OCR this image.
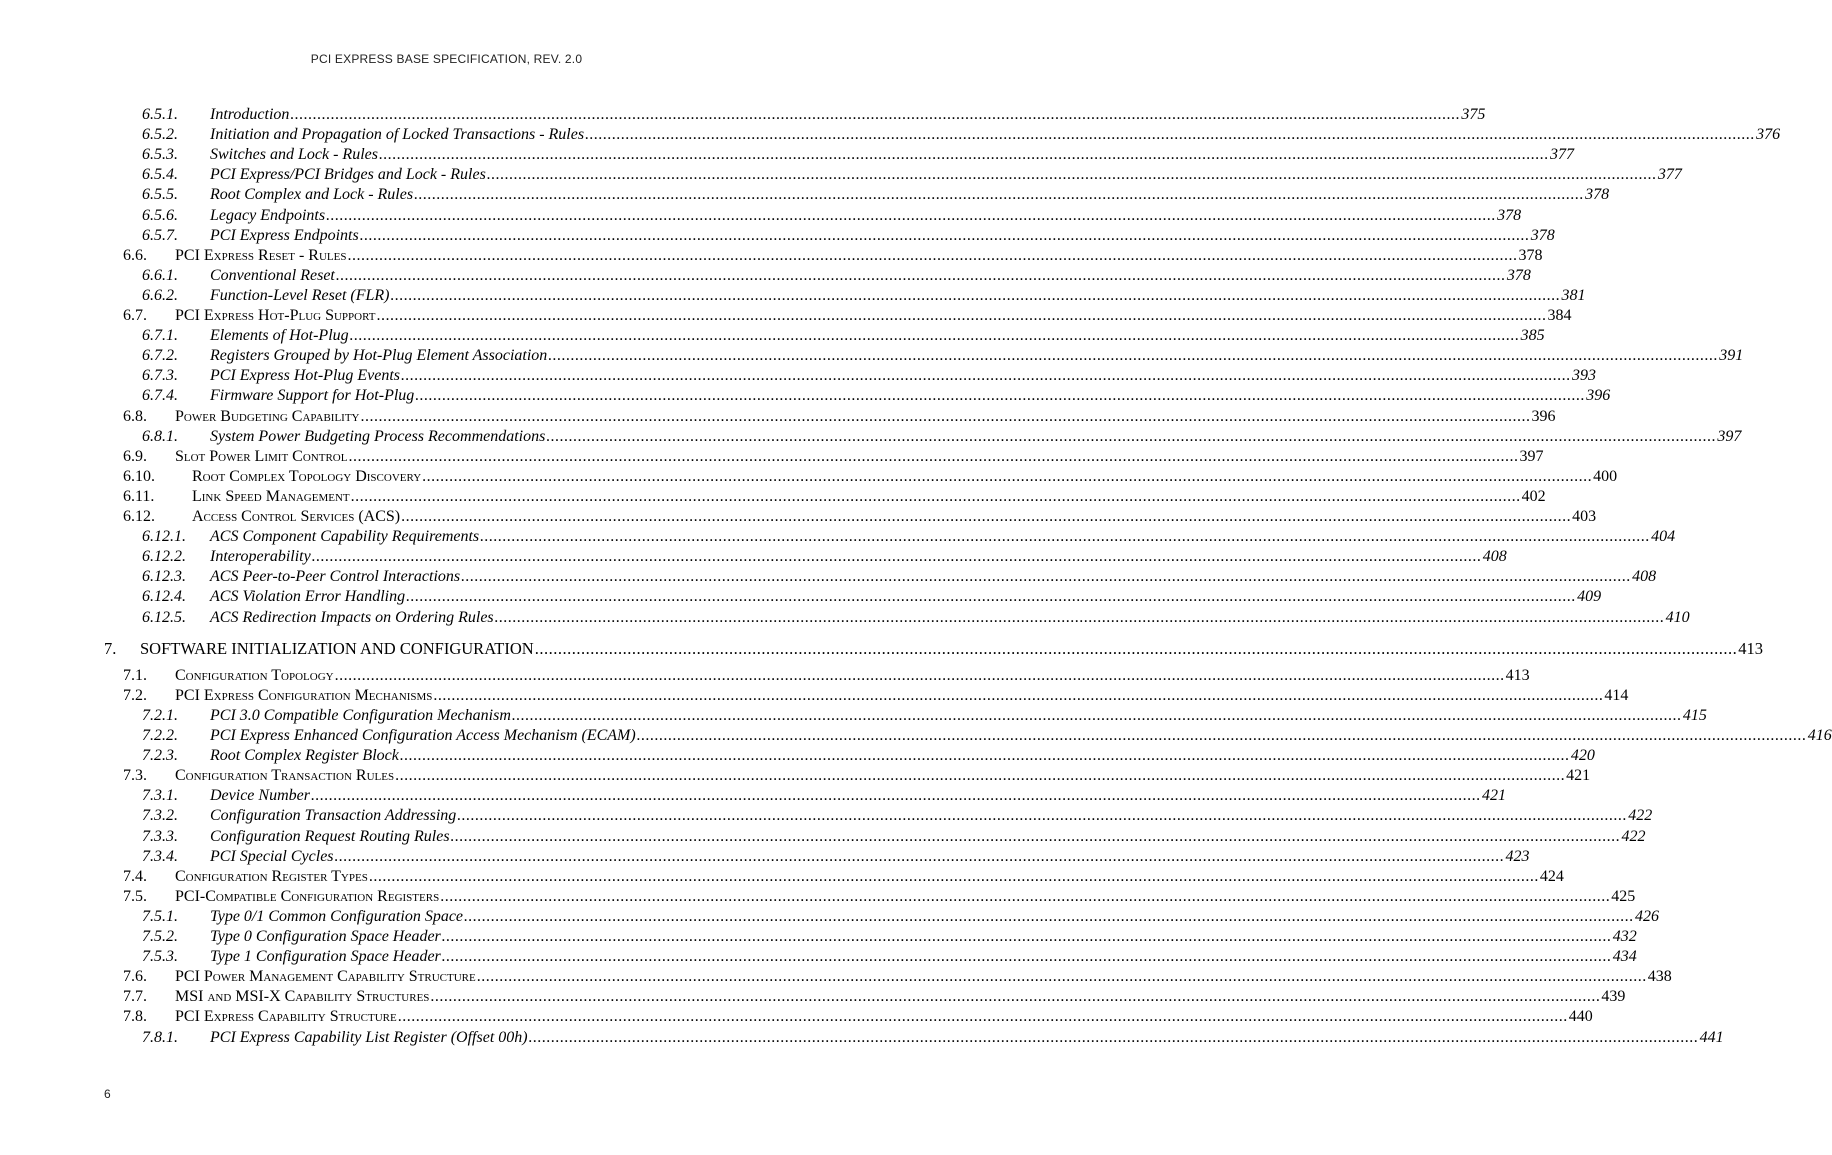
PCI EXPRESS BASE SPECIFICATION, REV. 2.0
6.5.1. Introduction .................................................................................................................................................................................................................................................................... 375
6.5.2. Initiation and Propagation of Locked Transactions - Rules .................................................................................................................................................................................................................................................................... 376
6.5.3. Switches and Lock - Rules .................................................................................................................................................................................................................................................................... 377
6.5.4. PCI Express/PCI Bridges and Lock - Rules .................................................................................................................................................................................................................................................................... 377
6.5.5. Root Complex and Lock - Rules .................................................................................................................................................................................................................................................................... 378
6.5.6. Legacy Endpoints .................................................................................................................................................................................................................................................................... 378
6.5.7. PCI Express Endpoints .................................................................................................................................................................................................................................................................... 378
6.6. PCI Express Reset - Rules .................................................................................................................................................................................................................................................................... 378
6.6.1. Conventional Reset .................................................................................................................................................................................................................................................................... 378
6.6.2. Function-Level Reset (FLR) .................................................................................................................................................................................................................................................................... 381
6.7. PCI Express Hot-Plug Support .................................................................................................................................................................................................................................................................... 384
6.7.1. Elements of Hot-Plug .................................................................................................................................................................................................................................................................... 385
6.7.2. Registers Grouped by Hot-Plug Element Association .................................................................................................................................................................................................................................................................... 391
6.7.3. PCI Express Hot-Plug Events .................................................................................................................................................................................................................................................................... 393
6.7.4. Firmware Support for Hot-Plug .................................................................................................................................................................................................................................................................... 396
6.8. Power Budgeting Capability .................................................................................................................................................................................................................................................................... 396
6.8.1. System Power Budgeting Process Recommendations .................................................................................................................................................................................................................................................................... 397
6.9. Slot Power Limit Control .................................................................................................................................................................................................................................................................... 397
6.10. Root Complex Topology Discovery .................................................................................................................................................................................................................................................................... 400
6.11. Link Speed Management .................................................................................................................................................................................................................................................................... 402
6.12. Access Control Services (ACS) .................................................................................................................................................................................................................................................................... 403
6.12.1. ACS Component Capability Requirements .................................................................................................................................................................................................................................................................... 404
6.12.2. Interoperability .................................................................................................................................................................................................................................................................... 408
6.12.3. ACS Peer-to-Peer Control Interactions .................................................................................................................................................................................................................................................................... 408
6.12.4. ACS Violation Error Handling .................................................................................................................................................................................................................................................................... 409
6.12.5. ACS Redirection Impacts on Ordering Rules .................................................................................................................................................................................................................................................................... 410
7. SOFTWARE INITIALIZATION AND CONFIGURATION .................................................................................................................................................................................................................................................................... 413
7.1. Configuration Topology .................................................................................................................................................................................................................................................................... 413
7.2. PCI Express Configuration Mechanisms .................................................................................................................................................................................................................................................................... 414
7.2.1. PCI 3.0 Compatible Configuration Mechanism .................................................................................................................................................................................................................................................................... 415
7.2.2. PCI Express Enhanced Configuration Access Mechanism (ECAM) .................................................................................................................................................................................................................................................................... 416
7.2.3. Root Complex Register Block .................................................................................................................................................................................................................................................................... 420
7.3. Configuration Transaction Rules .................................................................................................................................................................................................................................................................... 421
7.3.1. Device Number .................................................................................................................................................................................................................................................................... 421
7.3.2. Configuration Transaction Addressing .................................................................................................................................................................................................................................................................... 422
7.3.3. Configuration Request Routing Rules .................................................................................................................................................................................................................................................................... 422
7.3.4. PCI Special Cycles .................................................................................................................................................................................................................................................................... 423
7.4. Configuration Register Types .................................................................................................................................................................................................................................................................... 424
7.5. PCI-Compatible Configuration Registers .................................................................................................................................................................................................................................................................... 425
7.5.1. Type 0/1 Common Configuration Space .................................................................................................................................................................................................................................................................... 426
7.5.2. Type 0 Configuration Space Header .................................................................................................................................................................................................................................................................... 432
7.5.3. Type 1 Configuration Space Header .................................................................................................................................................................................................................................................................... 434
7.6. PCI Power Management Capability Structure .................................................................................................................................................................................................................................................................... 438
7.7. MSI and MSI-X Capability Structures .................................................................................................................................................................................................................................................................... 439
7.8. PCI Express Capability Structure .................................................................................................................................................................................................................................................................... 440
7.8.1. PCI Express Capability List Register (Offset 00h) .................................................................................................................................................................................................................................................................... 441
6
